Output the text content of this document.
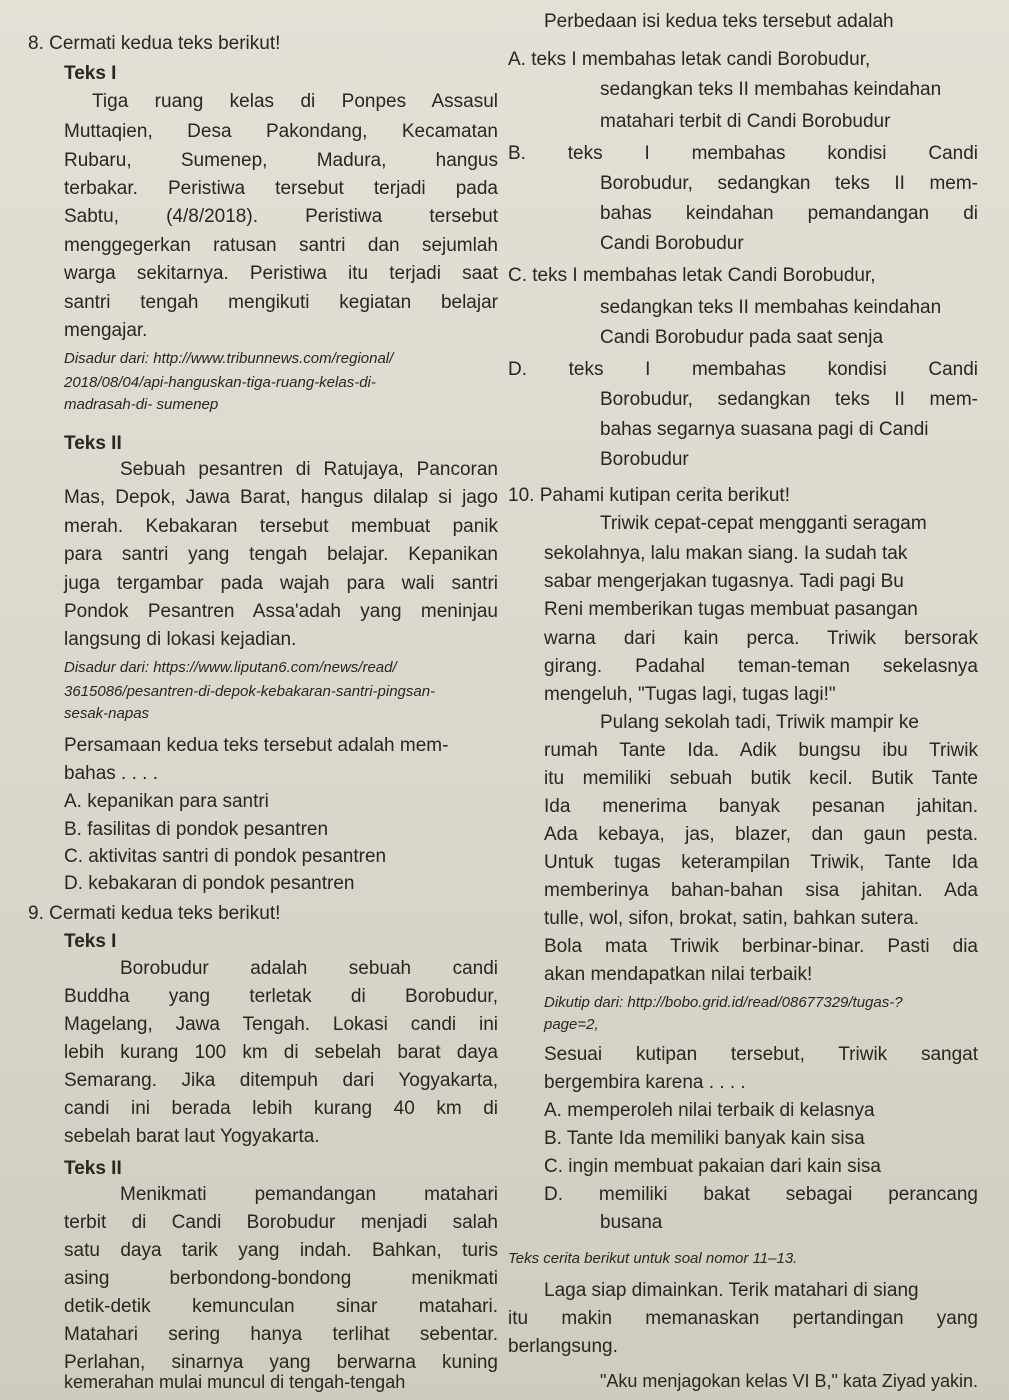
8. Cermati kedua teks berikut!
Teks I
Tiga ruang kelas di Ponpes Assasul
Muttaqien, Desa Pakondang, Kecamatan
Rubaru, Sumenep, Madura, hangus
terbakar. Peristiwa tersebut terjadi pada
Sabtu, (4/8/2018). Peristiwa tersebut
menggegerkan ratusan santri dan sejumlah
warga sekitarnya. Peristiwa itu terjadi saat
santri tengah mengikuti kegiatan belajar
mengajar.
Disadur dari: http://www.tribunnews.com/regional/
2018/08/04/api-hanguskan-tiga-ruang-kelas-di-
madrasah-di- sumenep
Teks II
Sebuah pesantren di Ratujaya, Pancoran
Mas, Depok, Jawa Barat, hangus dilalap si jago
merah. Kebakaran tersebut membuat panik
para santri yang tengah belajar. Kepanikan
juga tergambar pada wajah para wali santri
Pondok Pesantren Assa'adah yang meninjau
langsung di lokasi kejadian.
Disadur dari: https://www.liputan6.com/news/read/
3615086/pesantren-di-depok-kebakaran-santri-pingsan-
sesak-napas
Persamaan kedua teks tersebut adalah mem-
bahas . . . .
A. kepanikan para santri
B. fasilitas di pondok pesantren
C. aktivitas santri di pondok pesantren
D. kebakaran di pondok pesantren
9. Cermati kedua teks berikut!
Teks I
Borobudur adalah sebuah candi
Buddha yang terletak di Borobudur,
Magelang, Jawa Tengah. Lokasi candi ini
lebih kurang 100 km di sebelah barat daya
Semarang. Jika ditempuh dari Yogyakarta,
candi ini berada lebih kurang 40 km di
sebelah barat laut Yogyakarta.
Teks II
Menikmati pemandangan matahari
terbit di Candi Borobudur menjadi salah
satu daya tarik yang indah. Bahkan, turis
asing berbondong-bondong menikmati
detik-detik kemunculan sinar matahari.
Matahari sering hanya terlihat sebentar.
Perlahan, sinarnya yang berwarna kuning
Perbedaan isi kedua teks tersebut adalah
A. teks I membahas letak candi Borobudur,
sedangkan teks II membahas keindahan
matahari terbit di Candi Borobudur
B. teks I membahas kondisi Candi
Borobudur, sedangkan teks II mem-
bahas keindahan pemandangan di
Candi Borobudur
C. teks I membahas letak Candi Borobudur,
sedangkan teks II membahas keindahan
Candi Borobudur pada saat senja
D. teks I membahas kondisi Candi
Borobudur, sedangkan teks II mem-
bahas segarnya suasana pagi di Candi
Borobudur
10. Pahami kutipan cerita berikut!
Triwik cepat-cepat mengganti seragam
sekolahnya, lalu makan siang. Ia sudah tak
sabar mengerjakan tugasnya. Tadi pagi Bu
Reni memberikan tugas membuat pasangan
warna dari kain perca. Triwik bersorak
girang. Padahal teman-teman sekelasnya
mengeluh, "Tugas lagi, tugas lagi!"
Pulang sekolah tadi, Triwik mampir ke
rumah Tante Ida. Adik bungsu ibu Triwik
itu memiliki sebuah butik kecil. Butik Tante
Ida menerima banyak pesanan jahitan.
Ada kebaya, jas, blazer, dan gaun pesta.
Untuk tugas keterampilan Triwik, Tante Ida
memberinya bahan-bahan sisa jahitan. Ada
tulle, wol, sifon, brokat, satin, bahkan sutera.
Bola mata Triwik berbinar-binar. Pasti dia
akan mendapatkan nilai terbaik!
Dikutip dari: http://bobo.grid.id/read/08677329/tugas-?
page=2,
Sesuai kutipan tersebut, Triwik sangat
bergembira karena . . . .
A. memperoleh nilai terbaik di kelasnya
B. Tante Ida memiliki banyak kain sisa
C. ingin membuat pakaian dari kain sisa
D. memiliki bakat sebagai perancang
busana
Teks cerita berikut untuk soal nomor 11–13.
Laga siap dimainkan. Terik matahari di siang
itu makin memanaskan pertandingan yang
berlangsung.
kemerahan mulai muncul di tengah-tengah	"Aku menjagokan kelas VI B," kata Ziyad yakin.
